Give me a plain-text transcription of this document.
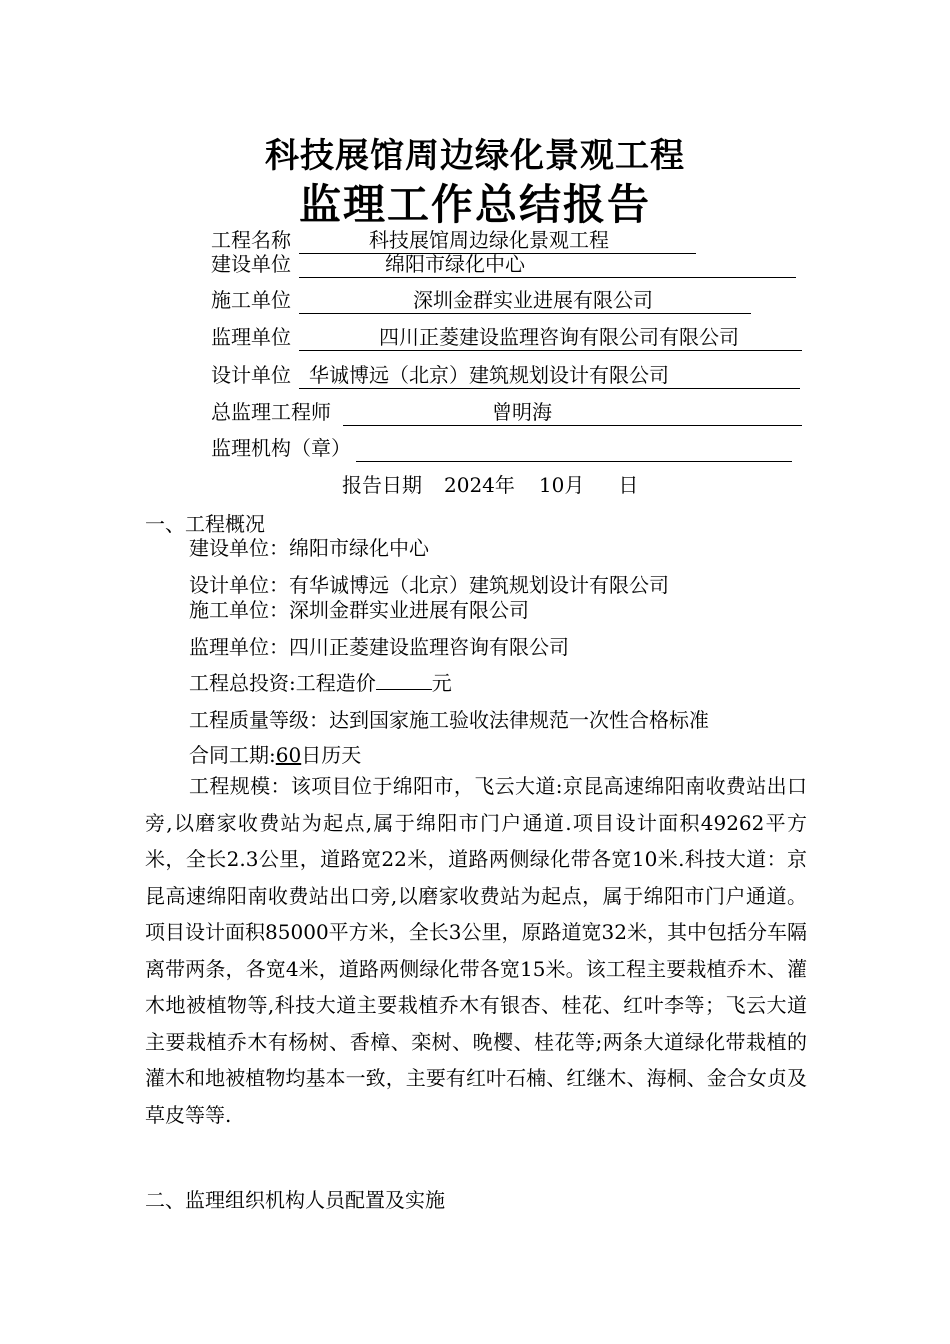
科技展馆周边绿化景观工程
监理工作总结报告
工程名称	科技展馆周边绿化景观工程
建设单位	绵阳市绿化中心
施工单位	深圳金群实业进展有限公司
监理单位	四川正菱建设监理咨询有限公司有限公司
设计单位 华诚博远（北京）建筑规划设计有限公司
总监理工程师	曾明海
监理机构（章）
报告日期 2024年 10月 日
一、工程概况
建设单位：绵阳市绿化中心
设计单位：有华诚博远（北京）建筑规划设计有限公司
施工单位：深圳金群实业进展有限公司
监理单位：四川正菱建设监理咨询有限公司
工程总投资:工程造价	元
工程质量等级：达到国家施工验收法律规范一次性合格标准
合同工期:60日历天
工程规模：该项目位于绵阳市，飞云大道:京昆高速绵阳南收费站出口旁,以磨家收费站为起点,属于绵阳市门户通道.项目设计面积49262平方米，全长2.3公里，道路宽22米，道路两侧绿化带各宽10米.科技大道：京昆高速绵阳南收费站出口旁,以磨家收费站为起点，属于绵阳市门户通道。项目设计面积85000平方米，全长3公里，原路道宽32米，其中包括分车隔离带两条，各宽4米，道路两侧绿化带各宽15米。该工程主要栽植乔木、灌木地被植物等,科技大道主要栽植乔木有银杏、桂花、红叶李等；飞云大道主要栽植乔木有杨树、香樟、栾树、晚樱、桂花等;两条大道绿化带栽植的灌木和地被植物均基本一致，主要有红叶石楠、红继木、海桐、金合女贞及草皮等等.
二、监理组织机构人员配置及实施
